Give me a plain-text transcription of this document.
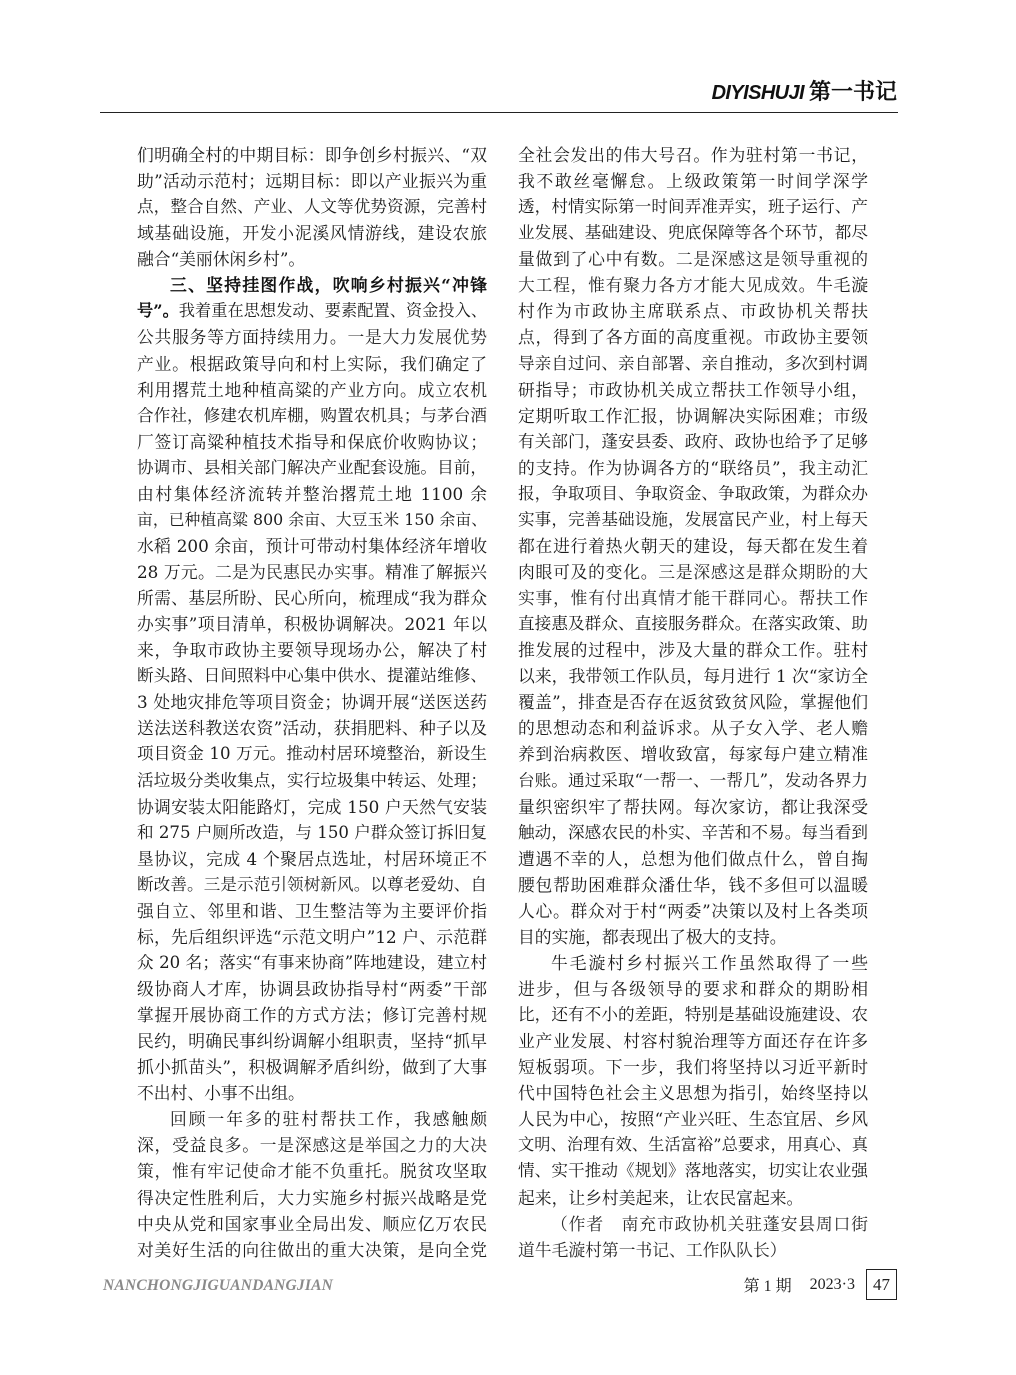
DIYISHUJI 第一书记
们明确全村的中期目标：即争创乡村振兴、“双
助”活动示范村；远期目标：即以产业振兴为重
点，整合自然、产业、人文等优势资源，完善村
域基础设施，开发小泥溪风情游线，建设农旅
融合“美丽休闲乡村”。
三、坚持挂图作战，吹响乡村振兴“冲锋
号”。我着重在思想发动、要素配置、资金投入、
公共服务等方面持续用力。一是大力发展优势
产业。根据政策导向和村上实际，我们确定了
利用撂荒土地种植高粱的产业方向。成立农机
合作社，修建农机库棚，购置农机具；与茅台酒
厂签订高粱种植技术指导和保底价收购协议；
协调市、县相关部门解决产业配套设施。目前，
由村集体经济流转并整治撂荒土地 1100 余
亩，已种植高粱 800 余亩、大豆玉米 150 余亩、
水稻 200 余亩，预计可带动村集体经济年增收
28 万元。二是为民惠民办实事。精准了解振兴
所需、基层所盼、民心所向，梳理成“我为群众
办实事”项目清单，积极协调解决。2021 年以
来，争取市政协主要领导现场办公，解决了村
断头路、日间照料中心集中供水、提灌站维修、
3 处地灾排危等项目资金；协调开展“送医送药
送法送科教送农资”活动，获捐肥料、种子以及
项目资金 10 万元。推动村居环境整治，新设生
活垃圾分类收集点，实行垃圾集中转运、处理；
协调安装太阳能路灯，完成 150 户天然气安装
和 275 户厕所改造，与 150 户群众签订拆旧复
垦协议，完成 4 个聚居点选址，村居环境正不
断改善。三是示范引领树新风。以尊老爱幼、自
强自立、邻里和谐、卫生整洁等为主要评价指
标，先后组织评选“示范文明户”12 户、示范群
众 20 名；落实“有事来协商”阵地建设，建立村
级协商人才库，协调县政协指导村“两委”干部
掌握开展协商工作的方式方法；修订完善村规
民约，明确民事纠纷调解小组职责，坚持“抓早
抓小抓苗头”，积极调解矛盾纠纷，做到了大事
不出村、小事不出组。
回顾一年多的驻村帮扶工作，我感触颇
深，受益良多。一是深感这是举国之力的大决
策，惟有牢记使命才能不负重托。脱贫攻坚取
得决定性胜利后，大力实施乡村振兴战略是党
中央从党和国家事业全局出发、顺应亿万农民
对美好生活的向往做出的重大决策，是向全党
全社会发出的伟大号召。作为驻村第一书记，
我不敢丝毫懈怠。上级政策第一时间学深学
透，村情实际第一时间弄准弄实，班子运行、产
业发展、基础建设、兜底保障等各个环节，都尽
量做到了心中有数。二是深感这是领导重视的
大工程，惟有聚力各方才能大见成效。牛毛漩
村作为市政协主席联系点、市政协机关帮扶
点，得到了各方面的高度重视。市政协主要领
导亲自过问、亲自部署、亲自推动，多次到村调
研指导；市政协机关成立帮扶工作领导小组，
定期听取工作汇报，协调解决实际困难；市级
有关部门，蓬安县委、政府、政协也给予了足够
的支持。作为协调各方的“联络员”，我主动汇
报，争取项目、争取资金、争取政策，为群众办
实事，完善基础设施，发展富民产业，村上每天
都在进行着热火朝天的建设，每天都在发生着
肉眼可及的变化。三是深感这是群众期盼的大
实事，惟有付出真情才能干群同心。帮扶工作
直接惠及群众、直接服务群众。在落实政策、助
推发展的过程中，涉及大量的群众工作。驻村
以来，我带领工作队员，每月进行 1 次“家访全
覆盖”，排查是否存在返贫致贫风险，掌握他们
的思想动态和利益诉求。从子女入学、老人赡
养到治病救医、增收致富，每家每户建立精准
台账。通过采取“一帮一、一帮几”，发动各界力
量织密织牢了帮扶网。每次家访，都让我深受
触动，深感农民的朴实、辛苦和不易。每当看到
遭遇不幸的人，总想为他们做点什么，曾自掏
腰包帮助困难群众潘仕华，钱不多但可以温暖
人心。群众对于村“两委”决策以及村上各类项
目的实施，都表现出了极大的支持。
牛毛漩村乡村振兴工作虽然取得了一些
进步，但与各级领导的要求和群众的期盼相
比，还有不小的差距，特别是基础设施建设、农
业产业发展、村容村貌治理等方面还存在许多
短板弱项。下一步，我们将坚持以习近平新时
代中国特色社会主义思想为指引，始终坚持以
人民为中心，按照“产业兴旺、生态宜居、乡风
文明、治理有效、生活富裕”总要求，用真心、真
情、实干推动《规划》落地落实，切实让农业强
起来，让乡村美起来，让农民富起来。
（作者　南充市政协机关驻蓬安县周口街
道牛毛漩村第一书记、工作队队长）
NANCHONGJIGUANDANGJIAN	第 1 期 2023·3	47
